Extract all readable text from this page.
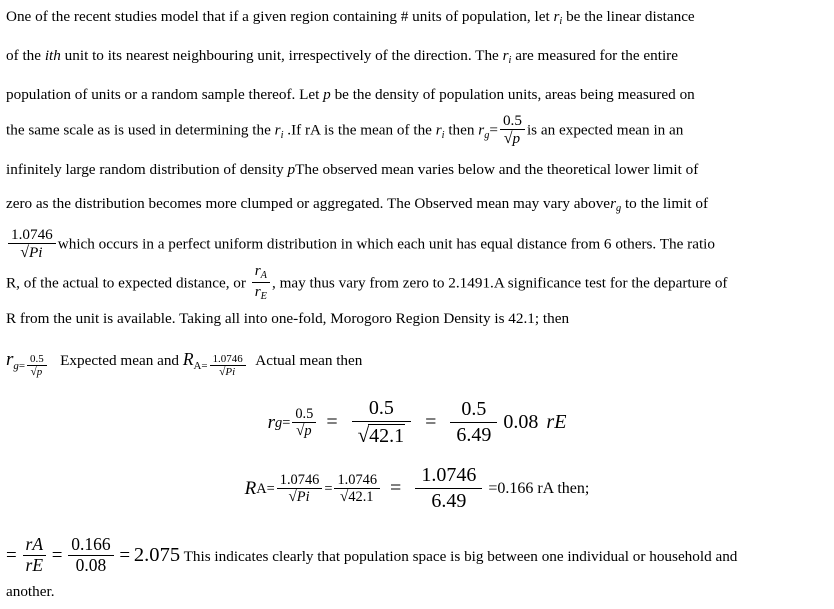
One of the recent studies model that if a given region containing # units of population, let $r_i$ be the linear distance
of the ith unit to its nearest neighbouring unit, irrespectively of the direction. The $r_i$ are measured for the entire
population of units or a random sample thereof. Let p be the density of population units, areas being measured on
the same scale as is used in determining the $r_i$ .If rA is the mean of the $r_i$ then $r_g= \frac{0.5}{√p}$ is an expected mean in an
infinitely large random distribution of density pThe observed mean varies below and the theoretical lower limit of
zero as the distribution becomes more clumped or aggregated. The Observed mean may vary abover$_g$ to the limit of
$\frac{1.0746}{√Pi}$ which occurs in a perfect uniform distribution in which each unit has equal distance from 6 others. The ratio
R, of the actual to expected distance, or $\frac{r_A}{r_E}$ , may thus vary from zero to 2.1491.A significance test for the departure of
R from the unit is available. Taking all into one-fold, Morogoro Region Density is 42.1; then
$rg= \frac{0.5}{√p}$ Expected mean and $RA= \frac{1.0746}{√Pi}$ Actual mean then
r $g= \frac{0.5}{√p} = \frac{0.5}{√42.1} = \frac{0.5}{6.49} 0.08$ rE
R $A= \frac{1.0746}{√Pi} = \frac{1.0746}{√42.1} = \frac{1.0746}{6.49} =0.166$ rA then;
= $\frac{rA}{rE} = \frac{0.166}{0.08} = 2.075$ This indicates clearly that population space is big between one individual or household and
another.
